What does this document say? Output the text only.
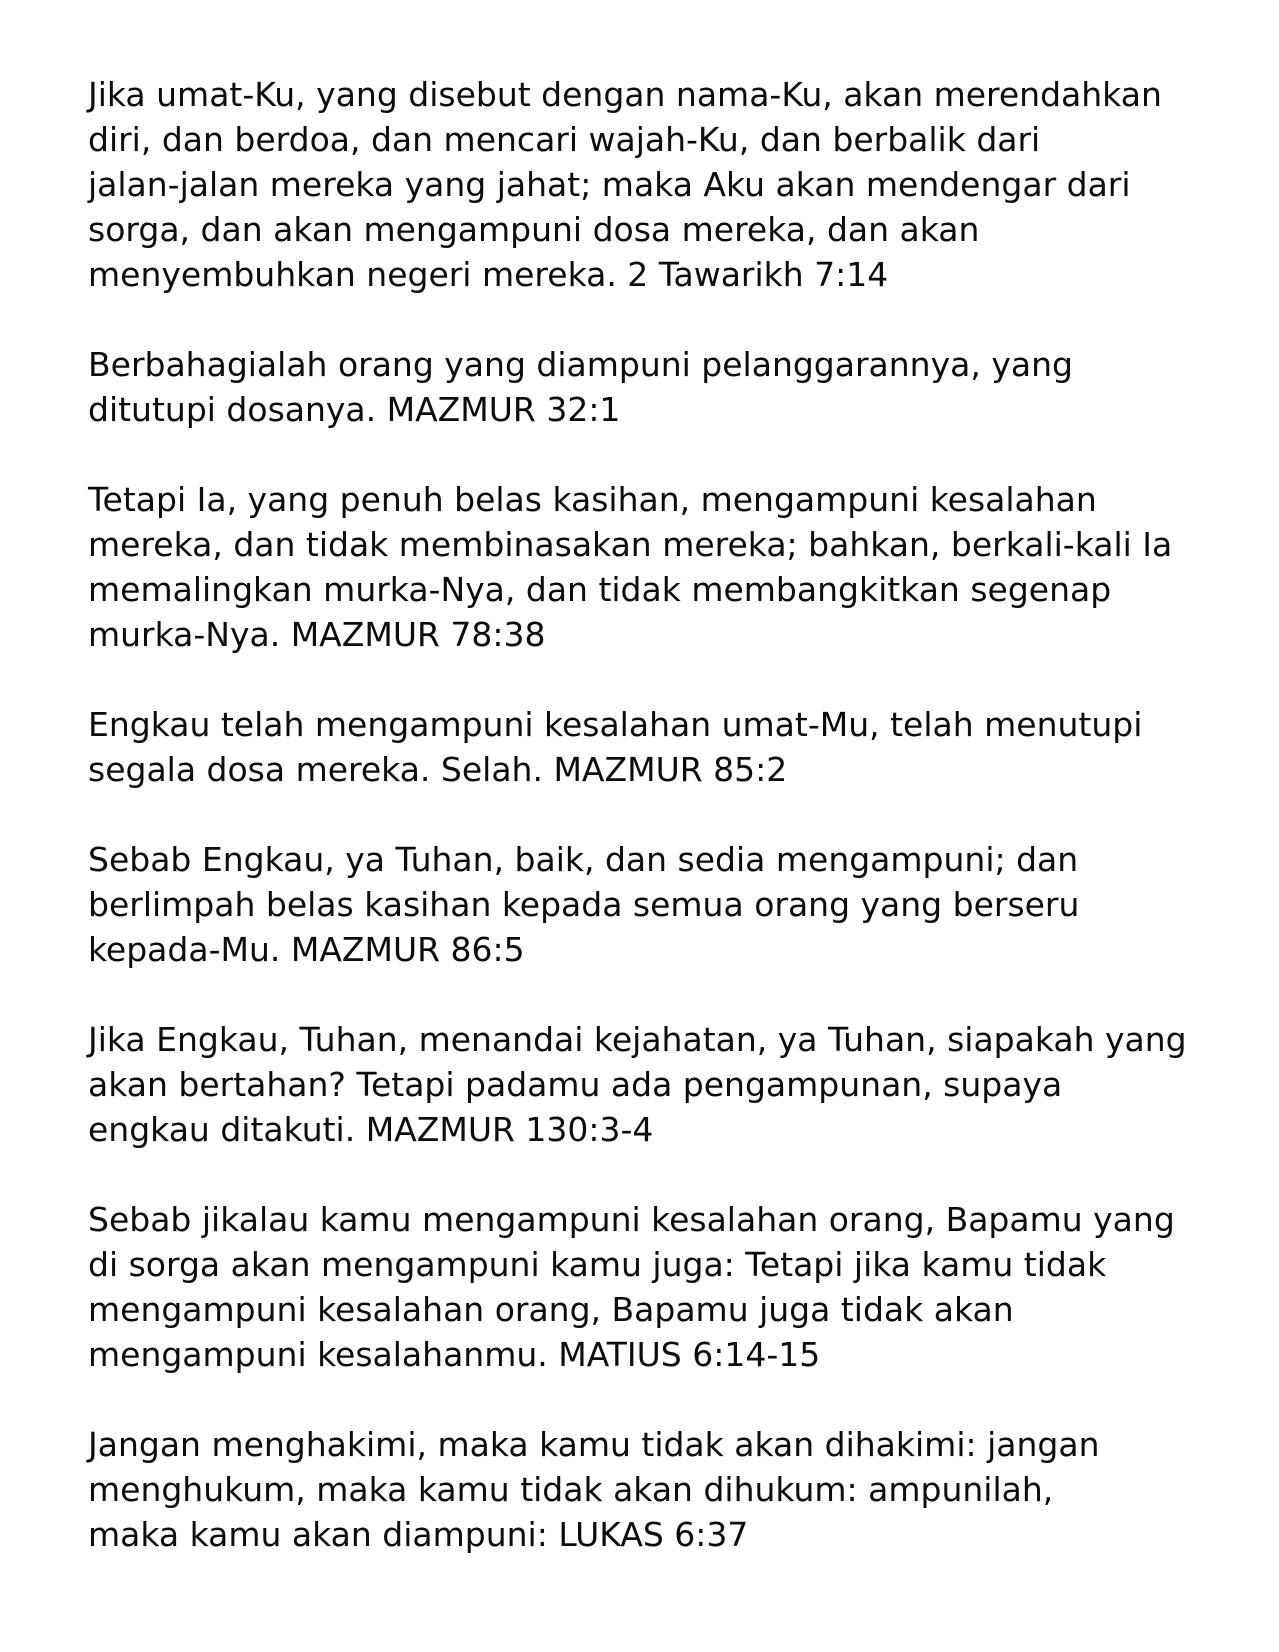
Jika umat-Ku, yang disebut dengan nama-Ku, akan merendahkan
diri, dan berdoa, dan mencari wajah-Ku, dan berbalik dari
jalan-jalan mereka yang jahat; maka Aku akan mendengar dari
sorga, dan akan mengampuni dosa mereka, dan akan
menyembuhkan negeri mereka. 2 Tawarikh 7:14
Berbahagialah orang yang diampuni pelanggarannya, yang
ditutupi dosanya. MAZMUR 32:1
Tetapi Ia, yang penuh belas kasihan, mengampuni kesalahan
mereka, dan tidak membinasakan mereka; bahkan, berkali-kali Ia
memalingkan murka-Nya, dan tidak membangkitkan segenap
murka-Nya. MAZMUR 78:38
Engkau telah mengampuni kesalahan umat-Mu, telah menutupi
segala dosa mereka. Selah. MAZMUR 85:2
Sebab Engkau, ya Tuhan, baik, dan sedia mengampuni; dan
berlimpah belas kasihan kepada semua orang yang berseru
kepada-Mu. MAZMUR 86:5
Jika Engkau, Tuhan, menandai kejahatan, ya Tuhan, siapakah yang
akan bertahan? Tetapi padamu ada pengampunan, supaya
engkau ditakuti. MAZMUR 130:3-4
Sebab jikalau kamu mengampuni kesalahan orang, Bapamu yang
di sorga akan mengampuni kamu juga: Tetapi jika kamu tidak
mengampuni kesalahan orang, Bapamu juga tidak akan
mengampuni kesalahanmu. MATIUS 6:14-15
Jangan menghakimi, maka kamu tidak akan dihakimi: jangan
menghukum, maka kamu tidak akan dihukum: ampunilah,
maka kamu akan diampuni: LUKAS 6:37
